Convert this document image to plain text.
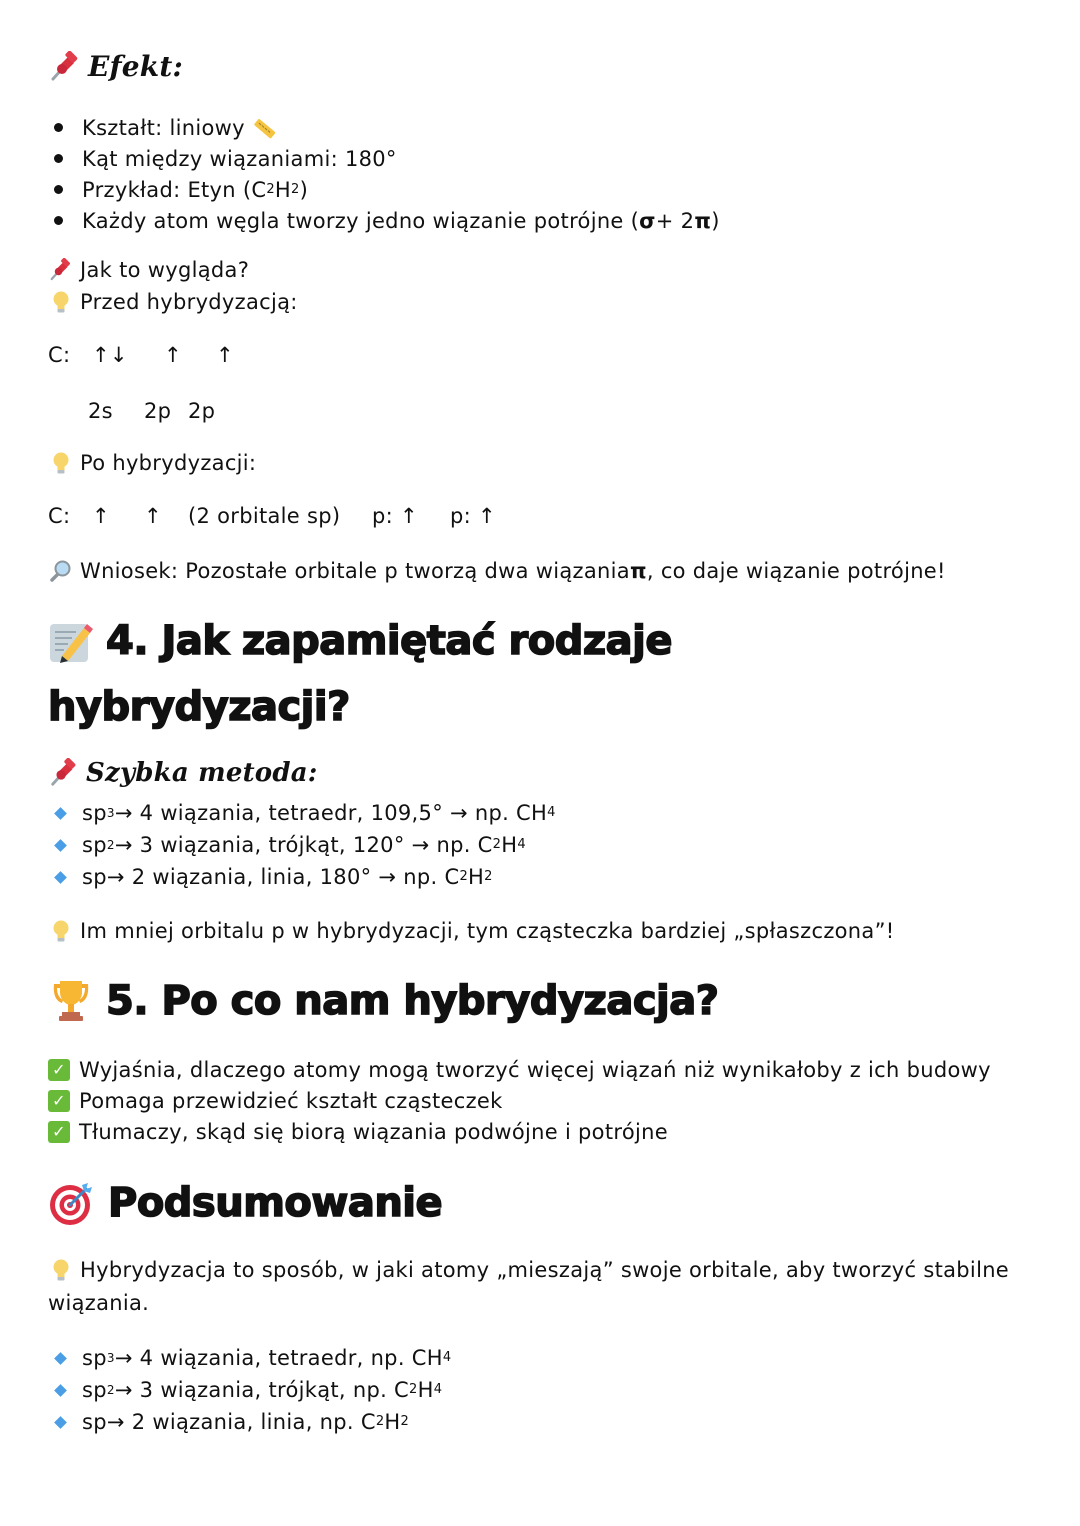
Efekt:
Kształt: liniowy
Kąt między wiązaniami: 180°
Przykład: Etyn (C 2 H 2 )
Każdy atom węgla tworzy jedno wiązanie potrójne ( σ + 2 π )
Jak to wygląda?
Przed hybrydyzacją:
C: ↑↓ ↑ ↑
2s 2p 2p
Po hybrydyzacji:
C: ↑ ↑ (2 orbitale sp) p: ↑ p: ↑
Wniosek: Pozostałe orbitale p tworzą dwa wiązania π , co daje wiązanie potrójne!
4. Jak zapamiętać rodzaje
hybrydyzacji?
Szybka metoda:
sp 3 → 4 wiązania, tetraedr, 109,5° → np. CH 4
sp 2 → 3 wiązania, trójkąt, 120° → np. C 2 H 4
sp → 2 wiązania, linia, 180° → np. C 2 H 2
Im mniej orbitalu p w hybrydyzacji, tym cząsteczka bardziej „spłaszczona”!
5. Po co nam hybrydyzacja?
✓ Wyjaśnia, dlaczego atomy mogą tworzyć więcej wiązań niż wynikałoby z ich budowy
✓ Pomaga przewidzieć kształt cząsteczek
✓ Tłumaczy, skąd się biorą wiązania podwójne i potrójne
Podsumowanie
Hybrydyzacja to sposób, w jaki atomy „mieszają” swoje orbitale, aby tworzyć stabilne
wiązania.
sp 3 → 4 wiązania, tetraedr, np. CH 4
sp 2 → 3 wiązania, trójkąt, np. C 2 H 4
sp → 2 wiązania, linia, np. C 2 H 2
